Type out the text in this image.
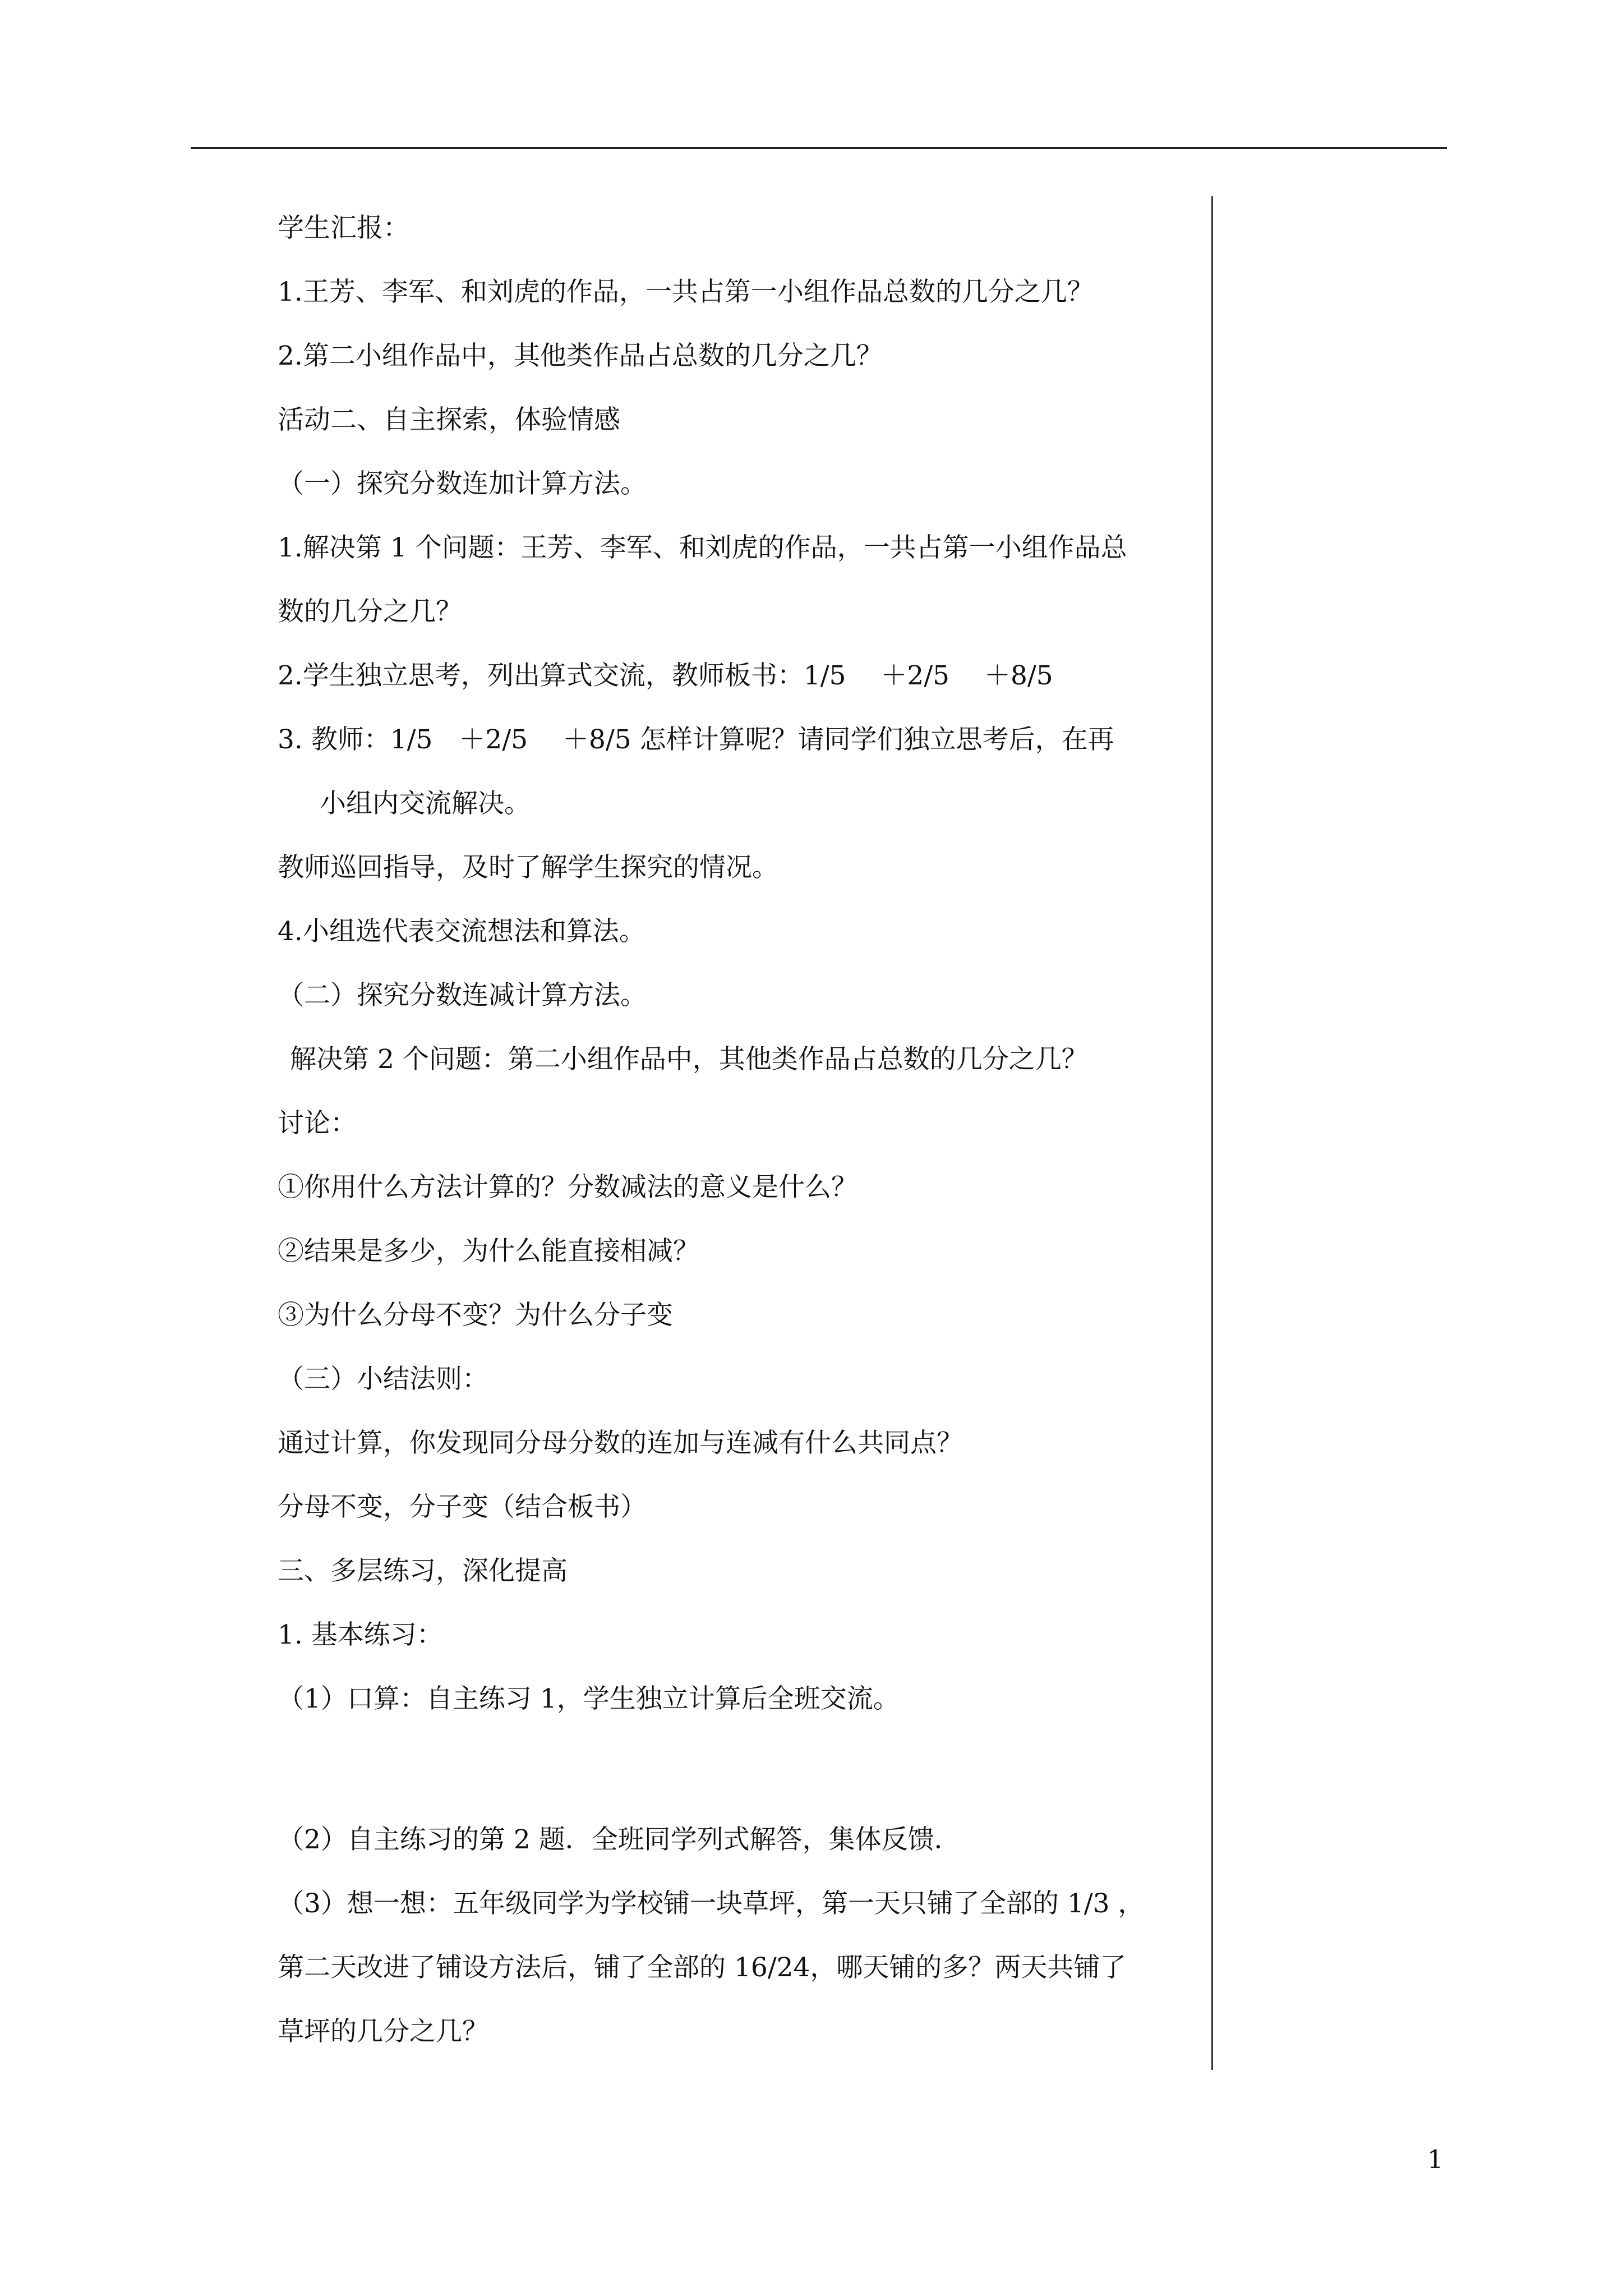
学生汇报：
1.王芳、李军、和刘虎的作品，一共占第一小组作品总数的几分之几？
2.第二小组作品中，其他类作品占总数的几分之几？
活动二、自主探索，体验情感
（一）探究分数连加计算方法。
1.解决第 1 个问题：王芳、李军、和刘虎的作品，一共占第一小组作品总
数的几分之几？
2.学生独立思考，列出算式交流，教师板书：1/5　 ＋2/5　 ＋8/5
3. 教师：1/5　＋2/5　 ＋8/5 怎样计算呢？请同学们独立思考后，在再
小组内交流解决。
教师巡回指导，及时了解学生探究的情况。
4.小组选代表交流想法和算法。
（二）探究分数连减计算方法。
解决第 2 个问题：第二小组作品中，其他类作品占总数的几分之几？
讨论：
①你用什么方法计算的？分数减法的意义是什么？
②结果是多少，为什么能直接相减？
③为什么分母不变？为什么分子变
（三）小结法则：
通过计算，你发现同分母分数的连加与连减有什么共同点？
分母不变，分子变（结合板书）
三、多层练习，深化提高
1. 基本练习：
（1）口算：自主练习 1，学生独立计算后全班交流。
（2）自主练习的第 2 题．全班同学列式解答，集体反馈．
（3）想一想：五年级同学为学校铺一块草坪，第一天只铺了全部的 1/3 ，
第二天改进了铺设方法后，铺了全部的 16/24，哪天铺的多？两天共铺了
草坪的几分之几？
1
